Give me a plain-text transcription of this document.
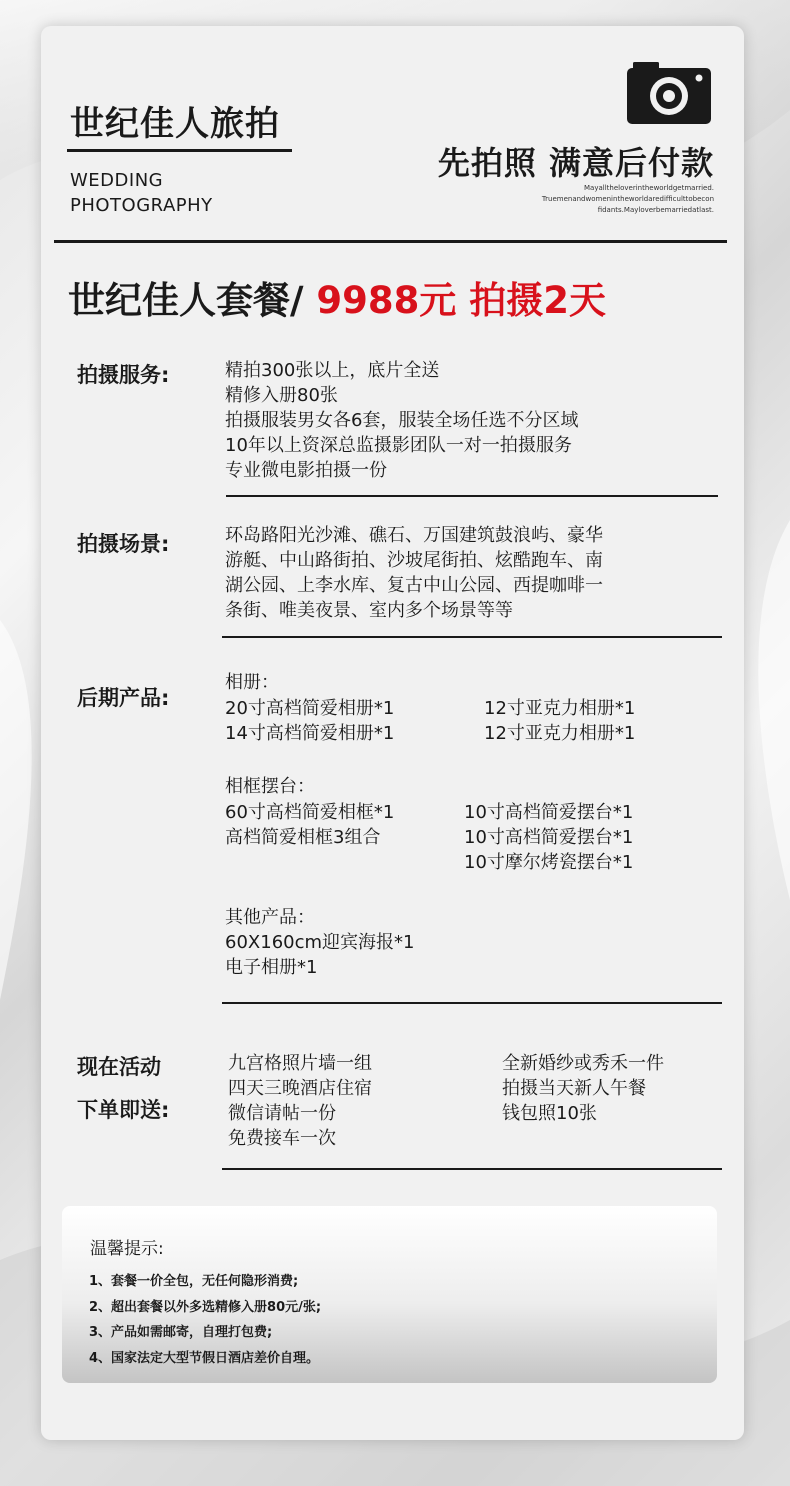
世纪佳人旅拍
WEDDING
PHOTOGRAPHY
先拍照 满意后付款
Mayalltheloverintheworldgetmarried.
Truemenandwomenintheworldaredifficulttobecon
fidants.Mayloverbemarriedatlast.
世纪佳人套餐/ 9988元 拍摄2天
拍摄服务:	精拍300张以上，底片全送
精修入册80张
拍摄服装男女各6套，服装全场任选不分区域
10年以上资深总监摄影团队一对一拍摄服务
专业微电影拍摄一份
拍摄场景:	环岛路阳光沙滩、礁石、万国建筑鼓浪屿、豪华
游艇、中山路街拍、沙坡尾街拍、炫酷跑车、南
湖公园、上李水库、复古中山公园、西提咖啡一
条街、唯美夜景、室内多个场景等等
后期产品:
相册：
20寸高档简爱相册*1
14寸高档简爱相册*1
12寸亚克力相册*1
12寸亚克力相册*1
相框摆台：
60寸高档简爱相框*1
高档简爱相框3组合
10寸高档简爱摆台*1
10寸高档简爱摆台*1
10寸摩尔烤瓷摆台*1
其他产品：
60X160cm迎宾海报*1
电子相册*1
现在活动
下单即送:
九宫格照片墙一组
四天三晚酒店住宿
微信请帖一份
免费接车一次
全新婚纱或秀禾一件
拍摄当天新人午餐
钱包照10张
温馨提示:
1、套餐一价全包，无任何隐形消费;
2、超出套餐以外多选精修入册80元/张;
3、产品如需邮寄，自理打包费;
4、国家法定大型节假日酒店差价自理。
